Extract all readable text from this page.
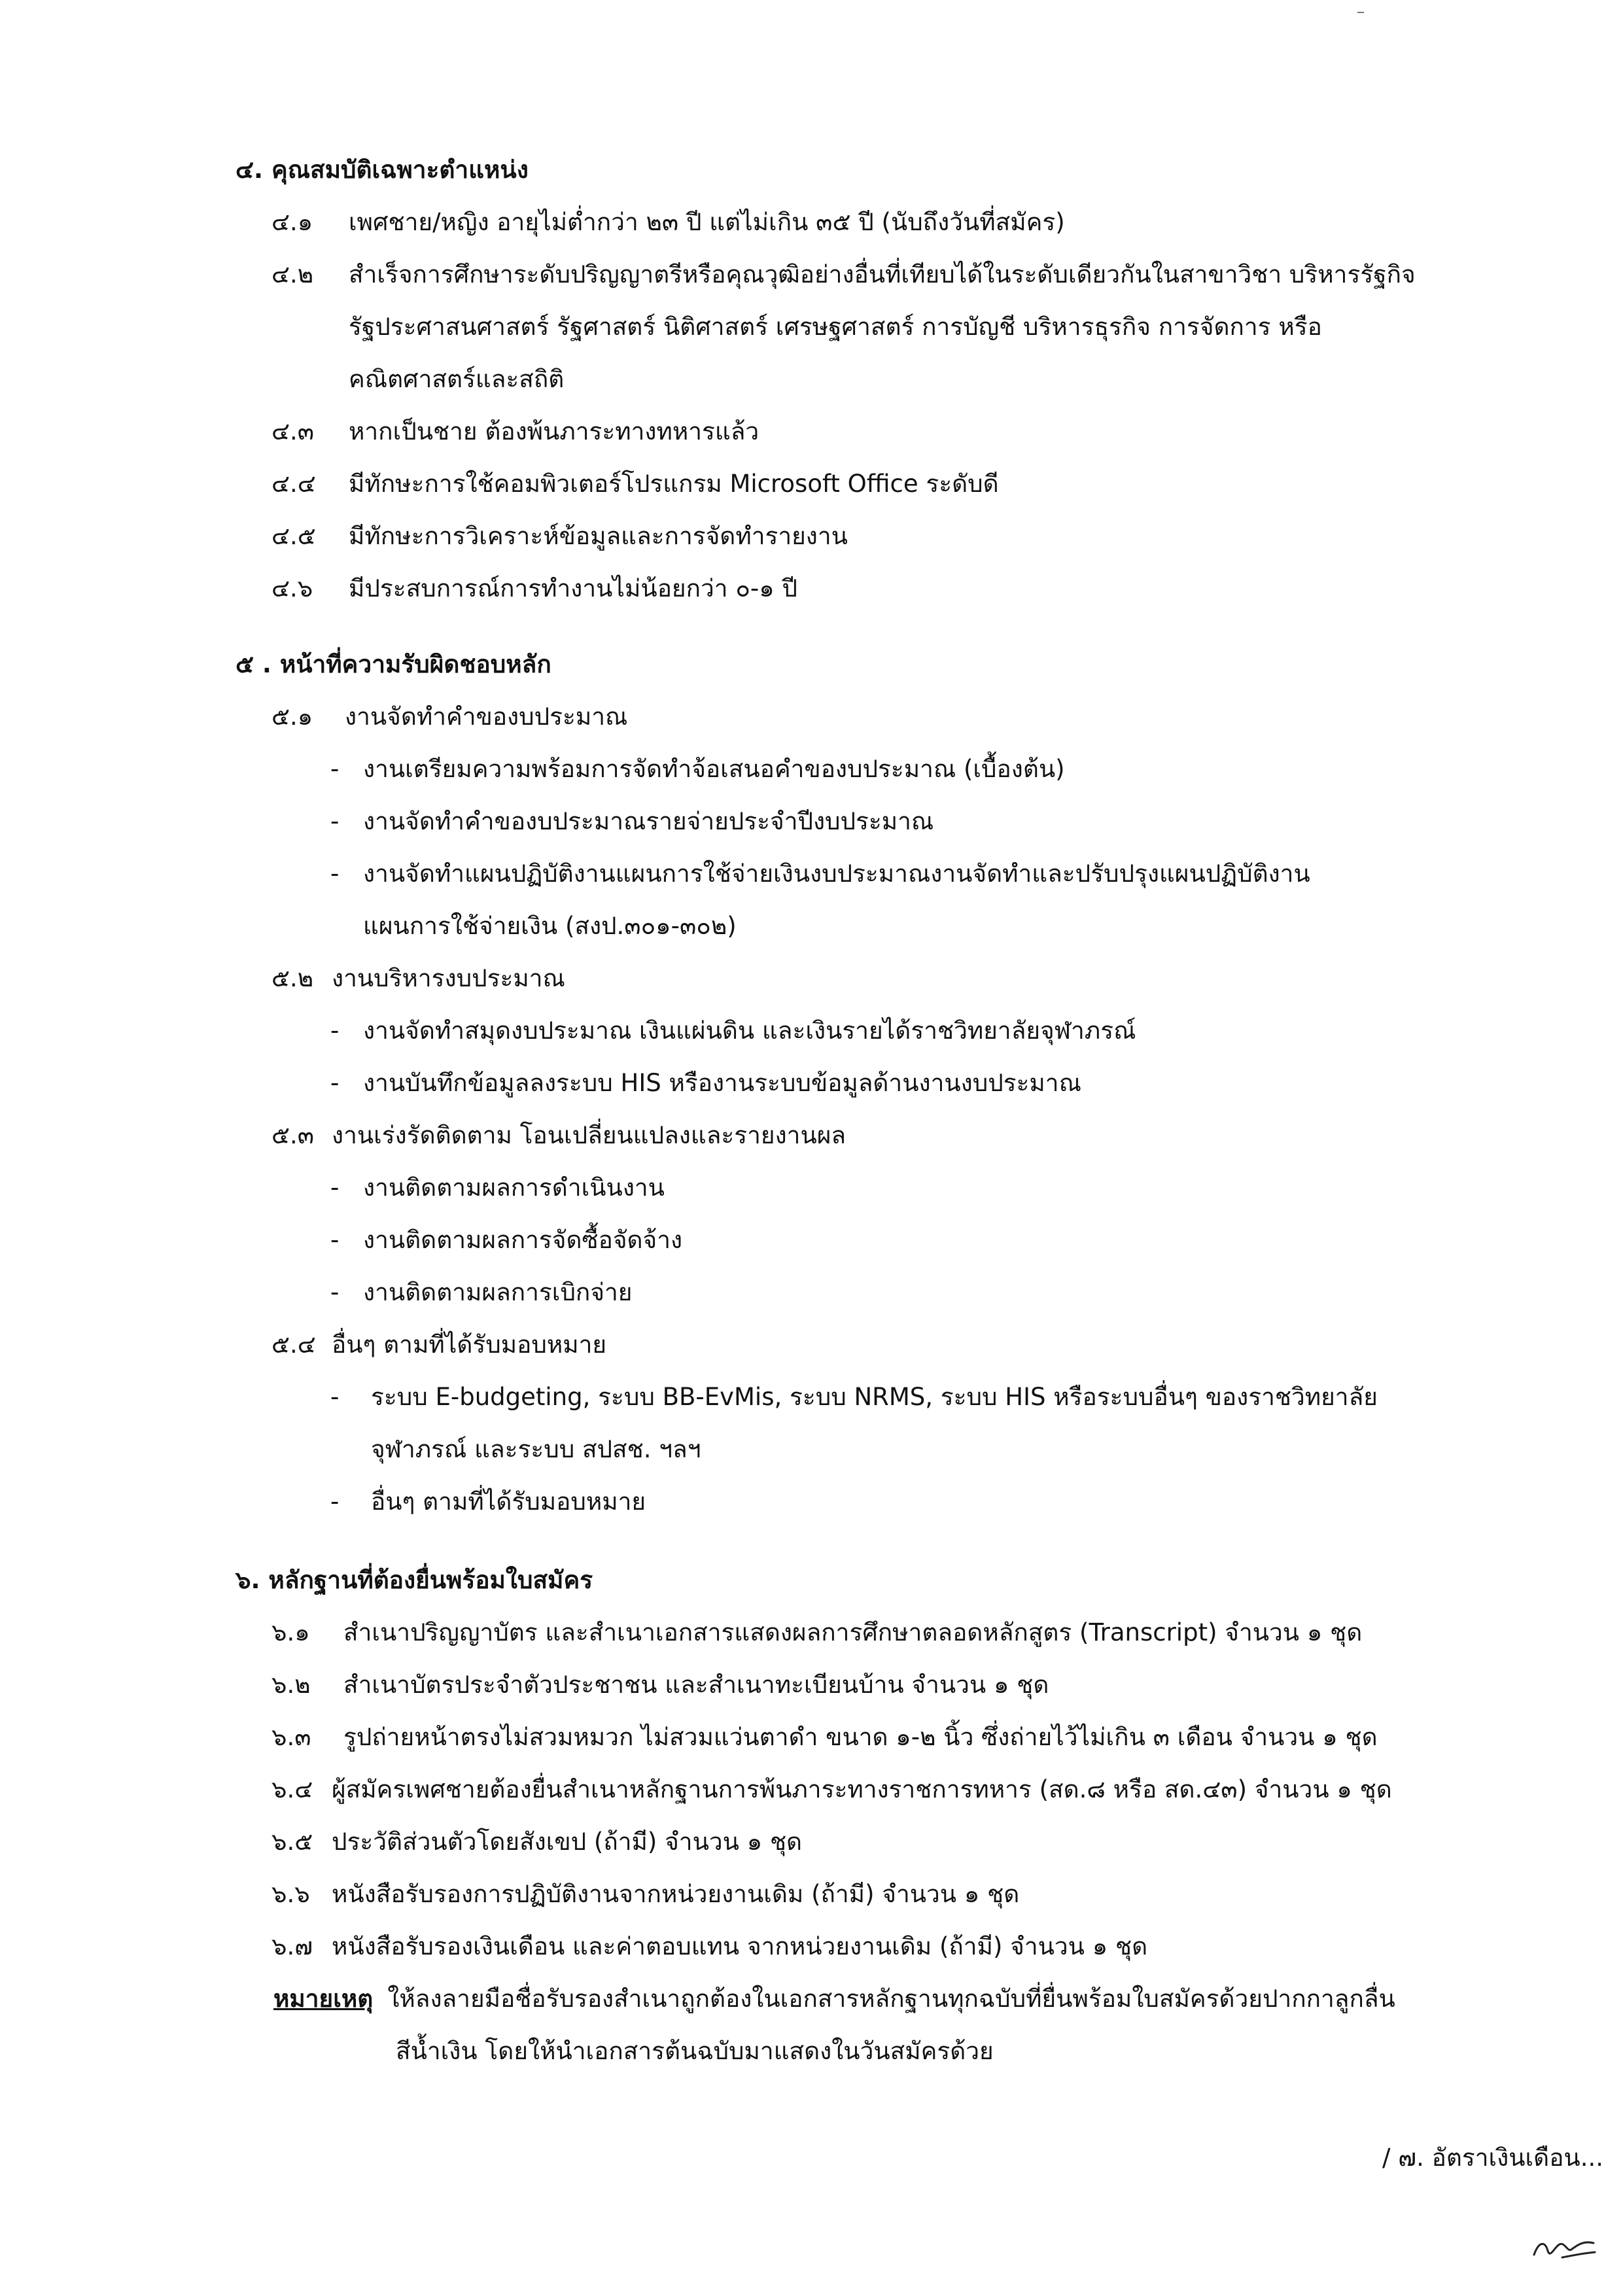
๔. คุณสมบัติเฉพาะตำแหน่ง
๔.๑ เพศชาย/หญิง อายุไม่ต่ำกว่า ๒๓ ปี แต่ไม่เกิน ๓๕ ปี (นับถึงวันที่สมัคร)
๔.๒ สำเร็จการศึกษาระดับปริญญาตรีหรือคุณวุฒิอย่างอื่นที่เทียบได้ในระดับเดียวกันในสาขาวิชา บริหารรัฐกิจ
รัฐประศาสนศาสตร์ รัฐศาสตร์ นิติศาสตร์ เศรษฐศาสตร์ การบัญชี บริหารธุรกิจ การจัดการ หรือ
คณิตศาสตร์และสถิติ
๔.๓ หากเป็นชาย ต้องพ้นภาระทางทหารแล้ว
๔.๔ มีทักษะการใช้คอมพิวเตอร์โปรแกรม Microsoft Office ระดับดี
๔.๕ มีทักษะการวิเคราะห์ข้อมูลและการจัดทำรายงาน
๔.๖ มีประสบการณ์การทำงานไม่น้อยกว่า ๐-๑ ปี
๕ . หน้าที่ความรับผิดชอบหลัก
๕.๑ งานจัดทำคำของบประมาณ
- งานเตรียมความพร้อมการจัดทำจ้อเสนอคำของบประมาณ (เบื้องต้น)
- งานจัดทำคำของบประมาณรายจ่ายประจำปีงบประมาณ
- งานจัดทำแผนปฏิบัติงานแผนการใช้จ่ายเงินงบประมาณงานจัดทำและปรับปรุงแผนปฏิบัติงาน
แผนการใช้จ่ายเงิน (สงป.๓๐๑-๓๐๒)
๕.๒ งานบริหารงบประมาณ
- งานจัดทำสมุดงบประมาณ เงินแผ่นดิน และเงินรายได้ราชวิทยาลัยจุฬาภรณ์
- งานบันทึกข้อมูลลงระบบ HIS หรืองานระบบข้อมูลด้านงานงบประมาณ
๕.๓ งานเร่งรัดติดตาม โอนเปลี่ยนแปลงและรายงานผล
- งานติดตามผลการดำเนินงาน
- งานติดตามผลการจัดซื้อจัดจ้าง
- งานติดตามผลการเบิกจ่าย
๕.๔ อื่นๆ ตามที่ได้รับมอบหมาย
- ระบบ E-budgeting, ระบบ BB-EvMis, ระบบ NRMS, ระบบ HIS หรือระบบอื่นๆ ของราชวิทยาลัย
จุฬาภรณ์ และระบบ สปสช. ฯลฯ
- อื่นๆ ตามที่ได้รับมอบหมาย
๖. หลักฐานที่ต้องยื่นพร้อมใบสมัคร
๖.๑ สำเนาปริญญาบัตร และสำเนาเอกสารแสดงผลการศึกษาตลอดหลักสูตร (Transcript) จำนวน ๑ ชุด
๖.๒ สำเนาบัตรประจำตัวประชาชน และสำเนาทะเบียนบ้าน จำนวน ๑ ชุด
๖.๓ รูปถ่ายหน้าตรงไม่สวมหมวก ไม่สวมแว่นตาดำ ขนาด ๑-๒ นิ้ว ซึ่งถ่ายไว้ไม่เกิน ๓ เดือน จำนวน ๑ ชุด
๖.๔ ผู้สมัครเพศชายต้องยื่นสำเนาหลักฐานการพ้นภาระทางราชการทหาร (สด.๘ หรือ สด.๔๓) จำนวน ๑ ชุด
๖.๕ ประวัติส่วนตัวโดยสังเขป (ถ้ามี) จำนวน ๑ ชุด
๖.๖ หนังสือรับรองการปฏิบัติงานจากหน่วยงานเดิม (ถ้ามี) จำนวน ๑ ชุด
๖.๗ หนังสือรับรองเงินเดือน และค่าตอบแทน จากหน่วยงานเดิม (ถ้ามี) จำนวน ๑ ชุด
หมายเหตุ ให้ลงลายมือชื่อรับรองสำเนาถูกต้องในเอกสารหลักฐานทุกฉบับที่ยื่นพร้อมใบสมัครด้วยปากกาลูกลื่น
สีน้ำเงิน โดยให้นำเอกสารต้นฉบับมาแสดงในวันสมัครด้วย
/ ๗. อัตราเงินเดือน...
